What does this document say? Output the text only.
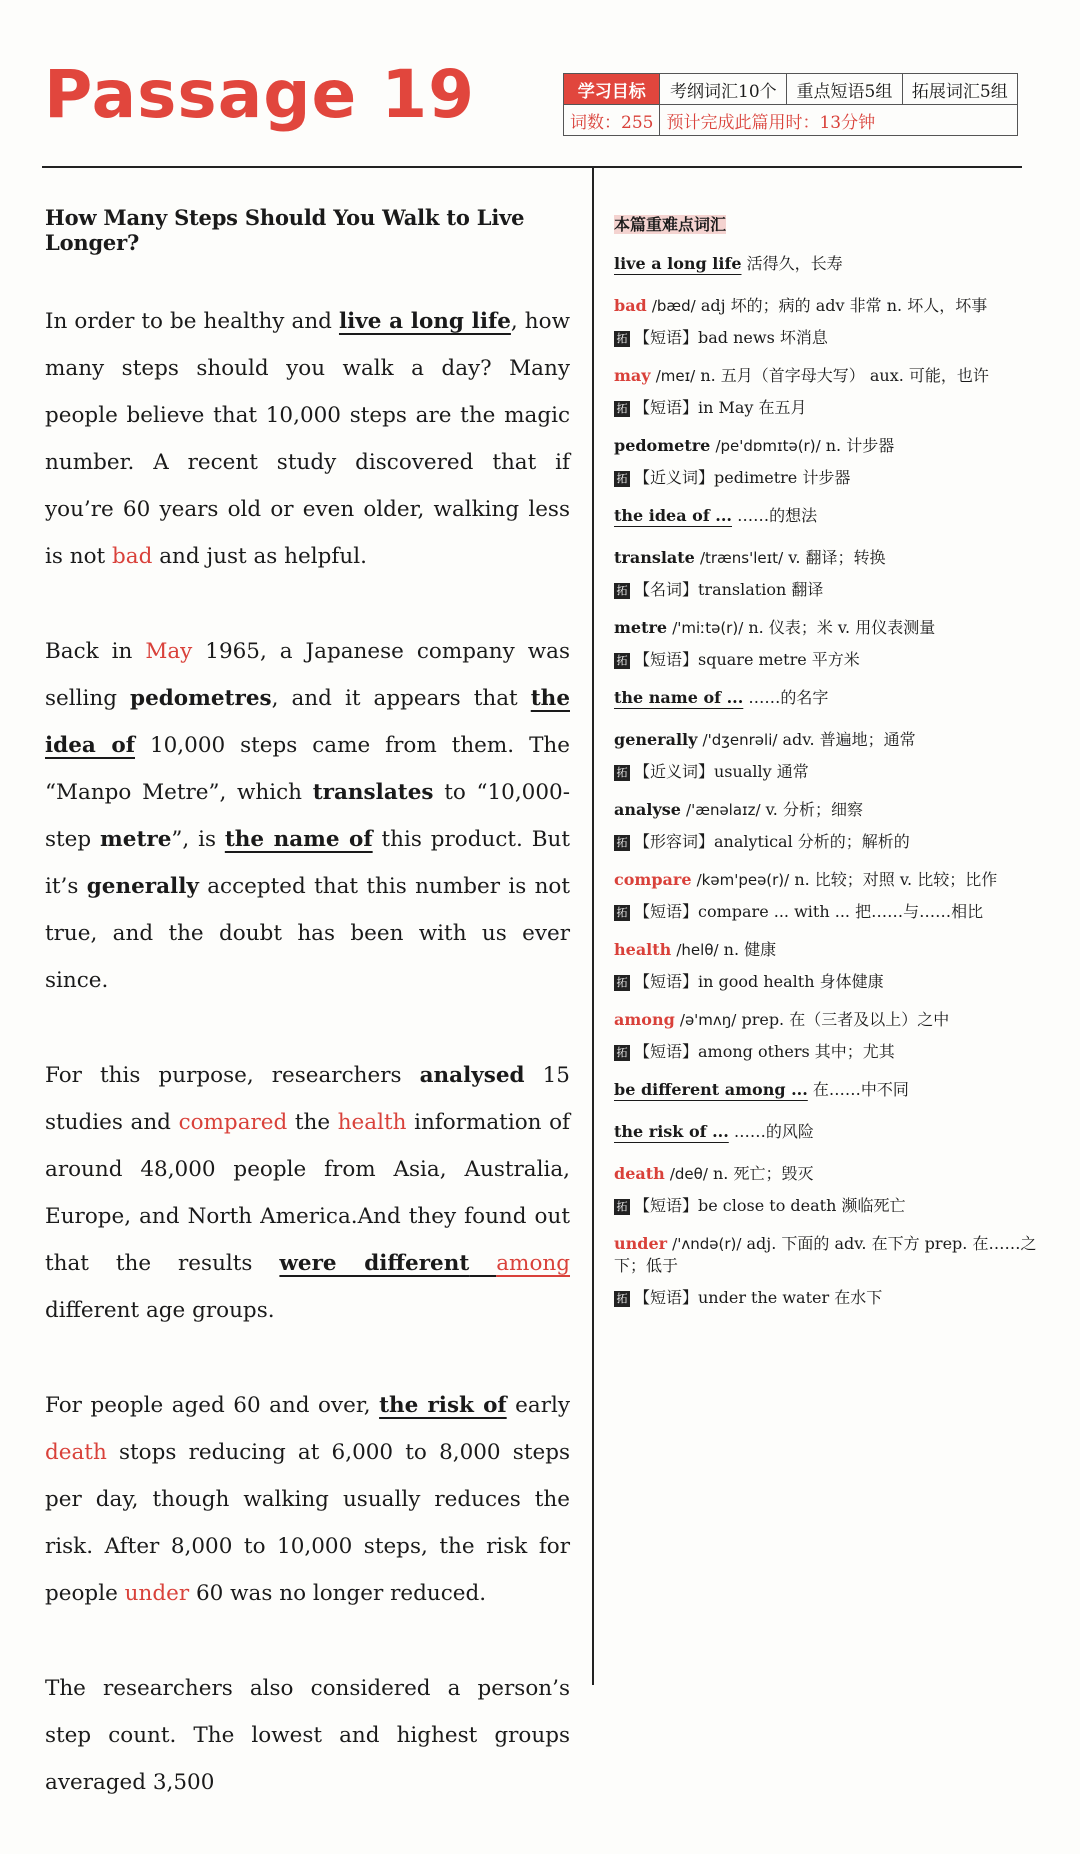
Passage 19	学习目标	考纲词汇10个	重点短语5组	拓展词汇5组
词数：255	预计完成此篇用时：13分钟		
How Many Steps Should You Walk to Live Longer?

In order to be healthy and live a long life, how many steps should you walk a day? Many people believe that 10,000 steps are the magic number. A recent study discovered that if you’re 60 years old or even older, walking less is not bad and just as helpful.

Back in May 1965, a Japanese company was selling pedometres, and it appears that the idea of 10,000 steps came from them. The “Manpo Metre”, which translates to “10,000-step metre”, is the name of this product. But it’s generally accepted that this number is not true, and the doubt has been with us ever since.

For this purpose, researchers analysed 15 studies and compared the health information of around 48,000 people from Asia, Australia, Europe, and North America.And they found out that the results were different among different age groups.

For people aged 60 and over, the risk of early death stops reducing at 6,000 to 8,000 steps per day, though walking usually reduces the risk. After 8,000 to 10,000 steps, the risk for people under 60 was no longer reduced.

The researchers also considered a person’s step count. The lowest and highest groups averaged 3,500

本篇重难点词汇
live a long life 活得久，长寿
bad /bæd/ adj 坏的；病的 adv 非常 n. 坏人，坏事
拓 【短语】bad news 坏消息
may /meɪ/ n. 五月（首字母大写） aux. 可能，也许
拓 【短语】in May 在五月
pedometre /pe'dɒmɪtə(r)/ n. 计步器
拓 【近义词】pedimetre 计步器
the idea of ... ……的想法
translate /træns'leɪt/ v. 翻译；转换
拓 【名词】translation 翻译
metre /'miːtə(r)/ n. 仪表；米 v. 用仪表测量
拓 【短语】square metre 平方米
the name of ... ……的名字
generally /'dʒenrəli/ adv. 普遍地；通常
拓 【近义词】usually 通常
analyse /'ænəlaɪz/ v. 分析；细察
拓 【形容词】analytical 分析的；解析的
compare /kəm'peə(r)/ n. 比较；对照 v. 比较；比作
拓 【短语】compare ... with ... 把……与……相比
health /helθ/ n. 健康
拓 【短语】in good health 身体健康
among /ə'mʌŋ/ prep. 在（三者及以上）之中
拓 【短语】among others 其中；尤其
be different among ... 在……中不同
the risk of ... ……的风险
death /deθ/ n. 死亡；毁灭
拓 【短语】be close to death 濒临死亡
under /'ʌndə(r)/ adj. 下面的 adv. 在下方 prep. 在……之下；低于
拓 【短语】under the water 在水下
